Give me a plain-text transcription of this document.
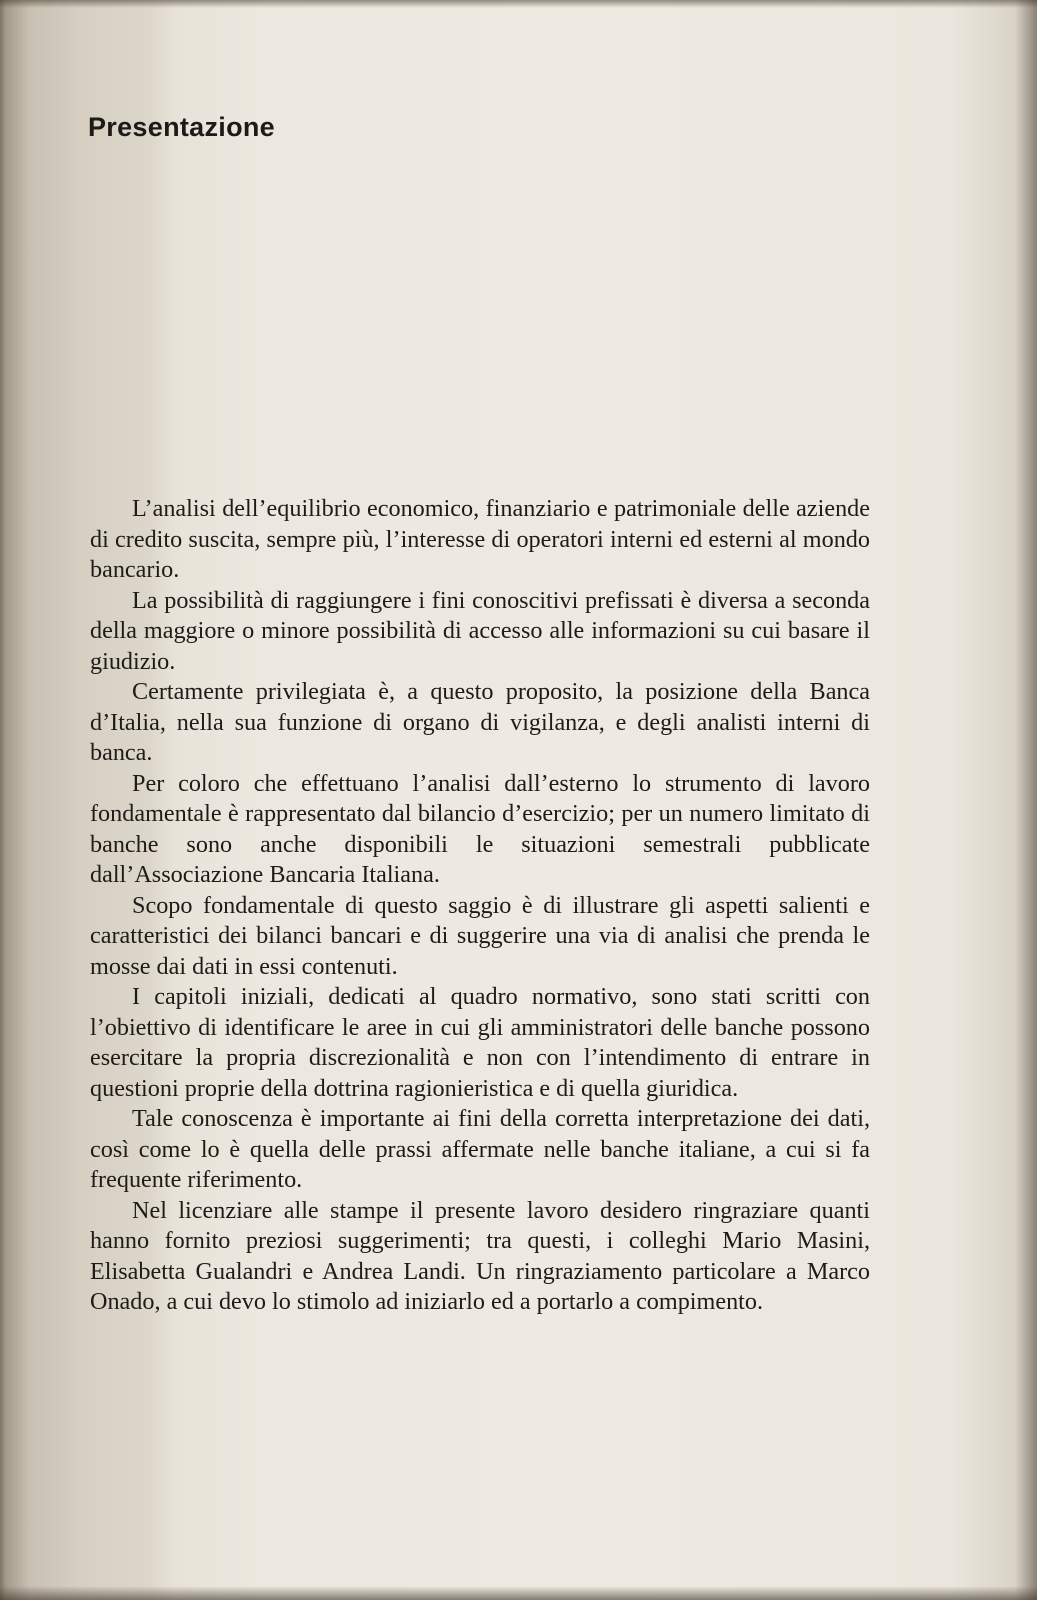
Presentazione

L’analisi dell’equilibrio economico, finanziario e patrimoniale delle aziende di credito suscita, sempre più, l’interesse di operatori interni ed esterni al mondo bancario.

La possibilità di raggiungere i fini conoscitivi prefissati è diversa a seconda della maggiore o minore possibilità di accesso alle informazioni su cui basare il giudizio.

Certamente privilegiata è, a questo proposito, la posizione della Banca d’Italia, nella sua funzione di organo di vigilanza, e degli analisti interni di banca.

Per coloro che effettuano l’analisi dall’esterno lo strumento di lavoro fondamentale è rappresentato dal bilancio d’esercizio; per un numero limitato di banche sono anche disponibili le situazioni semestrali pubblicate dall’Associazione Bancaria Italiana.

Scopo fondamentale di questo saggio è di illustrare gli aspetti salienti e caratteristici dei bilanci bancari e di suggerire una via di analisi che prenda le mosse dai dati in essi contenuti.

I capitoli iniziali, dedicati al quadro normativo, sono stati scritti con l’obiettivo di identificare le aree in cui gli amministratori delle banche possono esercitare la propria discrezionalità e non con l’intendimento di entrare in questioni proprie della dottrina ragionieristica e di quella giuridica.

Tale conoscenza è importante ai fini della corretta interpretazione dei dati, così come lo è quella delle prassi affermate nelle banche italiane, a cui si fa frequente riferimento.

Nel licenziare alle stampe il presente lavoro desidero ringraziare quanti hanno fornito preziosi suggerimenti; tra questi, i colleghi Mario Masini, Elisabetta Gualandri e Andrea Landi. Un ringraziamento particolare a Marco Onado, a cui devo lo stimolo ad iniziarlo ed a portarlo a compimento.
